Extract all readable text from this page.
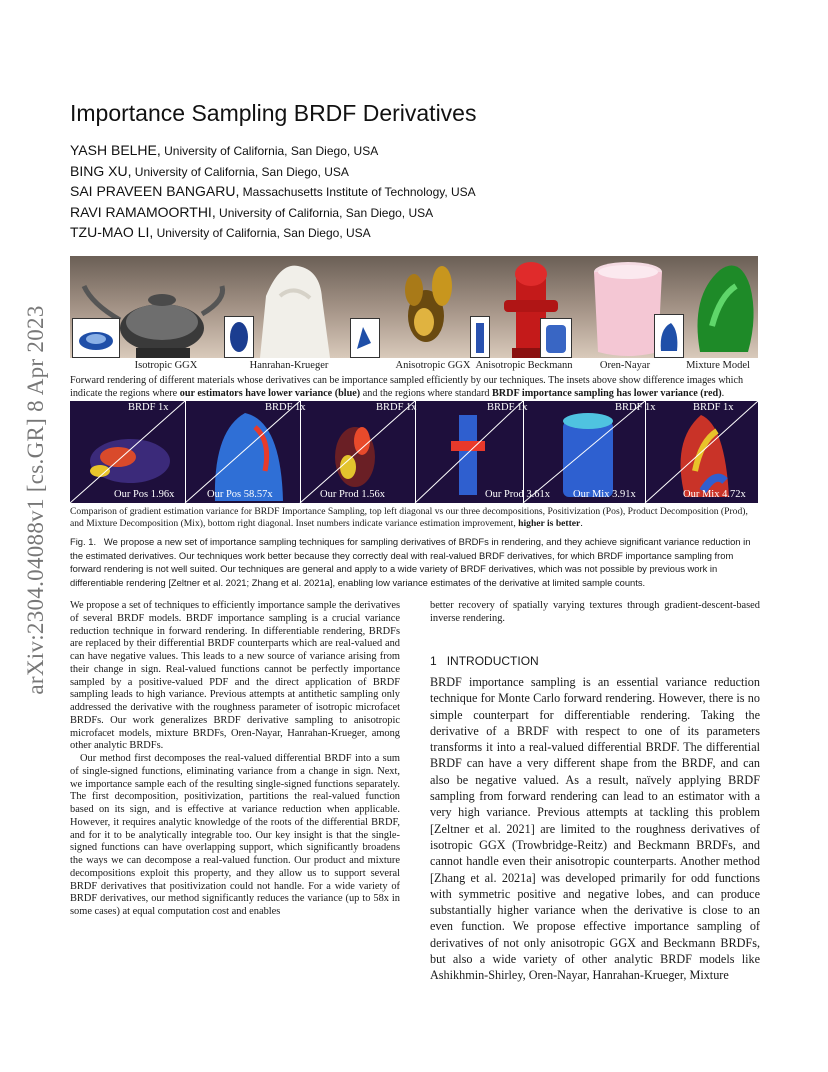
arXiv:2304.04088v1 [cs.GR] 8 Apr 2023
Importance Sampling BRDF Derivatives
YASH BELHE, University of California, San Diego, USA
BING XU, University of California, San Diego, USA
SAI PRAVEEN BANGARU, Massachusetts Institute of Technology, USA
RAVI RAMAMOORTHI, University of California, San Diego, USA
TZU-MAO LI, University of California, San Diego, USA
Isotropic GGX	Hanrahan-Krueger	Anisotropic GGX Anisotropic Beckmann	Oren-Nayar	Mixture Model
Forward rendering of different materials whose derivatives can be importance sampled efficiently by our techniques. The insets above show difference images which indicate the regions where our estimators have lower variance (blue) and the regions where standard BRDF importance sampling has lower variance (red).
BRDF 1x
Our Pos 1.96x
BRDF 1x
Our Pos 58.57x
BRDF 1x
Our Prod 1.56x
BRDF 1x
Our Prod 3.61x
BRDF 1x
Our Mix 3.91x
BRDF 1x
Our Mix 4.72x
Comparison of gradient estimation variance for BRDF Importance Sampling, top left diagonal vs our three decompositions, Positivization (Pos), Product Decomposition (Prod), and Mixture Decomposition (Mix), bottom right diagonal. Inset numbers indicate variance estimation improvement, higher is better.
Fig. 1. We propose a new set of importance sampling techniques for sampling derivatives of BRDFs in rendering, and they achieve significant variance reduction in the estimated derivatives. Our techniques work better because they correctly deal with real-valued BRDF derivatives, for which BRDF importance sampling from forward rendering is not well suited. Our techniques are general and apply to a wide variety of BRDF derivatives, which was not possible by previous work in differentiable rendering [Zeltner et al. 2021; Zhang et al. 2021a], enabling low variance estimates of the derivative at limited sample counts.

We propose a set of techniques to efficiently importance sample the derivatives of several BRDF models. BRDF importance sampling is a crucial variance reduction technique in forward rendering. In differentiable rendering, BRDFs are replaced by their differential BRDF counterparts which are real-valued and can have negative values. This leads to a new source of variance arising from their change in sign. Real-valued functions cannot be perfectly importance sampled by a positive-valued PDF and the direct application of BRDF sampling leads to high variance. Previous attempts at antithetic sampling only addressed the derivative with the roughness parameter of isotropic microfacet BRDFs. Our work generalizes BRDF derivative sampling to anisotropic microfacet models, mixture BRDFs, Oren-Nayar, Hanrahan-Krueger, among other analytic BRDFs.

Our method first decomposes the real-valued differential BRDF into a sum of single-signed functions, eliminating variance from a change in sign. Next, we importance sample each of the resulting single-signed functions separately. The first decomposition, positivization, partitions the real-valued function based on its sign, and is effective at variance reduction when applicable. However, it requires analytic knowledge of the roots of the differential BRDF, and for it to be analytically integrable too. Our key insight is that the single-signed functions can have overlapping support, which significantly broadens the ways we can decompose a real-valued function. Our product and mixture decompositions exploit this property, and they allow us to support several BRDF derivatives that positivization could not handle. For a wide variety of BRDF derivatives, our method significantly reduces the variance (up to 58x in some cases) at equal computation cost and enables

better recovery of spatially varying textures through gradient-descent-based inverse rendering.

1 INTRODUCTION

BRDF importance sampling is an essential variance reduction technique for Monte Carlo forward rendering. However, there is no simple counterpart for differentiable rendering. Taking the derivative of a BRDF with respect to one of its parameters transforms it into a real-valued differential BRDF. The differential BRDF can have a very different shape from the BRDF, and can also be negative valued. As a result, naïvely applying BRDF sampling from forward rendering can lead to an estimator with a very high variance. Previous attempts at tackling this problem [Zeltner et al. 2021] are limited to the roughness derivatives of isotropic GGX (Trowbridge-Reitz) and Beckmann BRDFs, and cannot handle even their anisotropic counterparts. Another method [Zhang et al. 2021a] was developed primarily for odd functions with symmetric positive and negative lobes, and can produce substantially higher variance when the derivative is close to an even function. We propose effective importance sampling of derivatives of not only anisotropic GGX and Beckmann BRDFs, but also a wide variety of other analytic BRDF models like Ashikhmin-Shirley, Oren-Nayar, Hanrahan-Krueger, Mixture
